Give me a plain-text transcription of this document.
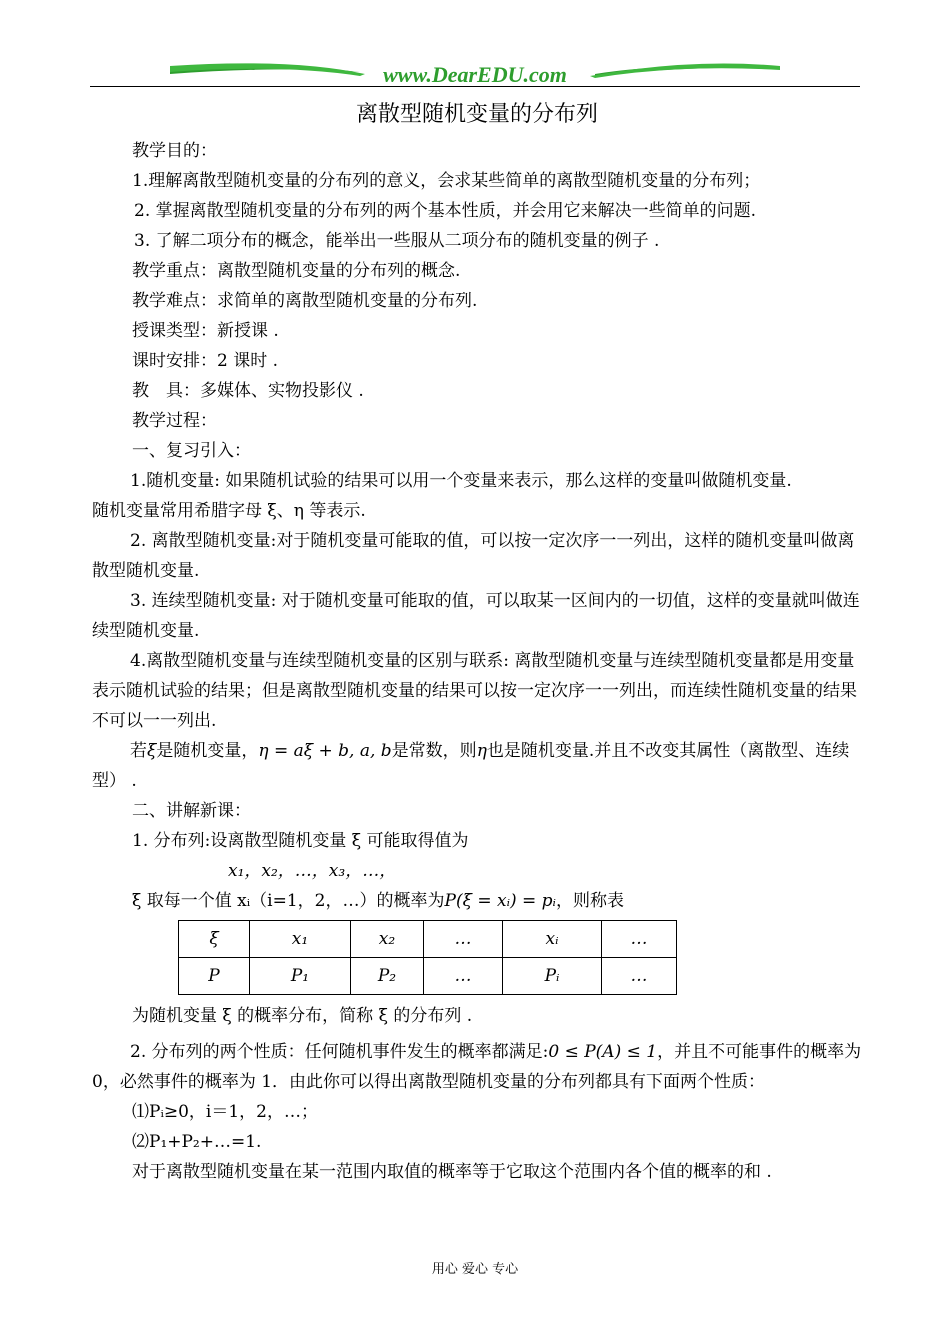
www.DearEDU.com

离散型随机变量的分布列

教学目的：

1.理解离散型随机变量的分布列的意义，会求某些简单的离散型随机变量的分布列；

2. 掌握离散型随机变量的分布列的两个基本性质，并会用它来解决一些简单的问题.

3. 了解二项分布的概念，能举出一些服从二项分布的随机变量的例子 .

教学重点：离散型随机变量的分布列的概念.

教学难点：求简单的离散型随机变量的分布列.

授课类型：新授课 .

课时安排：2 课时 .

教　具：多媒体、实物投影仪 .

教学过程：

一、复习引入：

1.随机变量: 如果随机试验的结果可以用一个变量来表示，那么这样的变量叫做随机变量.

随机变量常用希腊字母 ξ、η 等表示.

2. 离散型随机变量:对于随机变量可能取的值，可以按一定次序一一列出，这样的随机变量叫做离散型随机变量.

3. 连续型随机变量: 对于随机变量可能取的值，可以取某一区间内的一切值，这样的变量就叫做连续型随机变量.

4.离散型随机变量与连续型随机变量的区别与联系: 离散型随机变量与连续型随机变量都是用变量表示随机试验的结果；但是离散型随机变量的结果可以按一定次序一一列出，而连续性随机变量的结果不可以一一列出.

若ξ是随机变量，η = aξ + b, a, b是常数，则η也是随机变量.并且不改变其属性（离散型、连续型） .

二、讲解新课：

1. 分布列:设离散型随机变量 ξ 可能取得值为

x₁，x₂，…，x₃，…，

ξ 取每一个值 xᵢ（i=1，2，…）的概率为P(ξ = xᵢ) = pᵢ，则称表

ξ	x₁	x₂	…	xᵢ	…
P	P₁	P₂	…	Pᵢ	…

为随机变量 ξ 的概率分布，简称 ξ 的分布列 .

2. 分布列的两个性质：任何随机事件发生的概率都满足:0 ≤ P(A) ≤ 1，并且不可能事件的概率为 0，必然事件的概率为 1．由此你可以得出离散型随机变量的分布列都具有下面两个性质：

⑴Pᵢ≥0，i＝1，2，…；

⑵P₁+P₂+…=1.

对于离散型随机变量在某一范围内取值的概率等于它取这个范围内各个值的概率的和 .

用心 爱心 专心
